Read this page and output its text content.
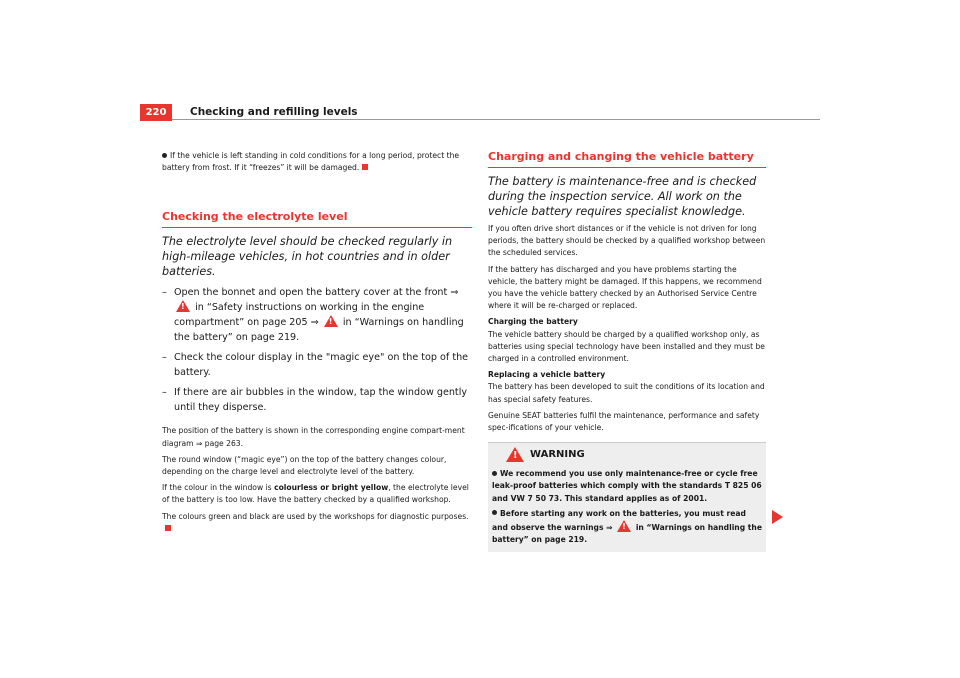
220	Checking and refilling levels

If the vehicle is left standing in cold conditions for a long period, protect the battery from frost. If it “freezes” it will be damaged.

Checking the electrolyte level

The electrolyte level should be checked regularly in high-mileage vehicles, in hot countries and in older batteries.

– Open the bonnet and open the battery cover at the front ⇒ ! in “Safety instructions on working in the engine compartment” on page 205 ⇒ !	in “Warnings on handling the battery” on page 219.
– Check the colour display in the "magic eye" on the top of the battery.
– If there are air bubbles in the window, tap the window gently until they disperse.

The position of the battery is shown in the corresponding engine compart-ment diagram ⇒ page 263.

The round window (“magic eye”) on the top of the battery changes colour, depending on the charge level and electrolyte level of the battery.

If the colour in the window is colourless or bright yellow, the electrolyte level of the battery is too low. Have the battery checked by a qualified workshop.

The colours green and black are used by the workshops for diagnostic purposes.

Charging and changing the vehicle battery

The battery is maintenance-free and is checked during the inspection service. All work on the vehicle battery requires specialist knowledge.

If you often drive short distances or if the vehicle is not driven for long periods, the battery should be checked by a qualified workshop between the scheduled services.

If the battery has discharged and you have problems starting the vehicle, the battery might be damaged. If this happens, we recommend you have the vehicle battery checked by an Authorised Service Centre where it will be re-charged or replaced.

Charging the battery

The vehicle battery should be charged by a qualified workshop only, as batteries using special technology have been installed and they must be charged in a controlled environment.

Replacing a vehicle battery

The battery has been developed to suit the conditions of its location and has special safety features.

Genuine SEAT batteries fulfil the maintenance, performance and safety spec-ifications of your vehicle.

!
WARNING

We recommend you use only maintenance-free or cycle free leak-proof batteries which comply with the standards T 825 06 and VW 7 50 73. This standard applies as of 2001.

Before starting any work on the batteries, you must read and observe the warnings ⇒ !	in “Warnings on handling the battery” on page 219.
